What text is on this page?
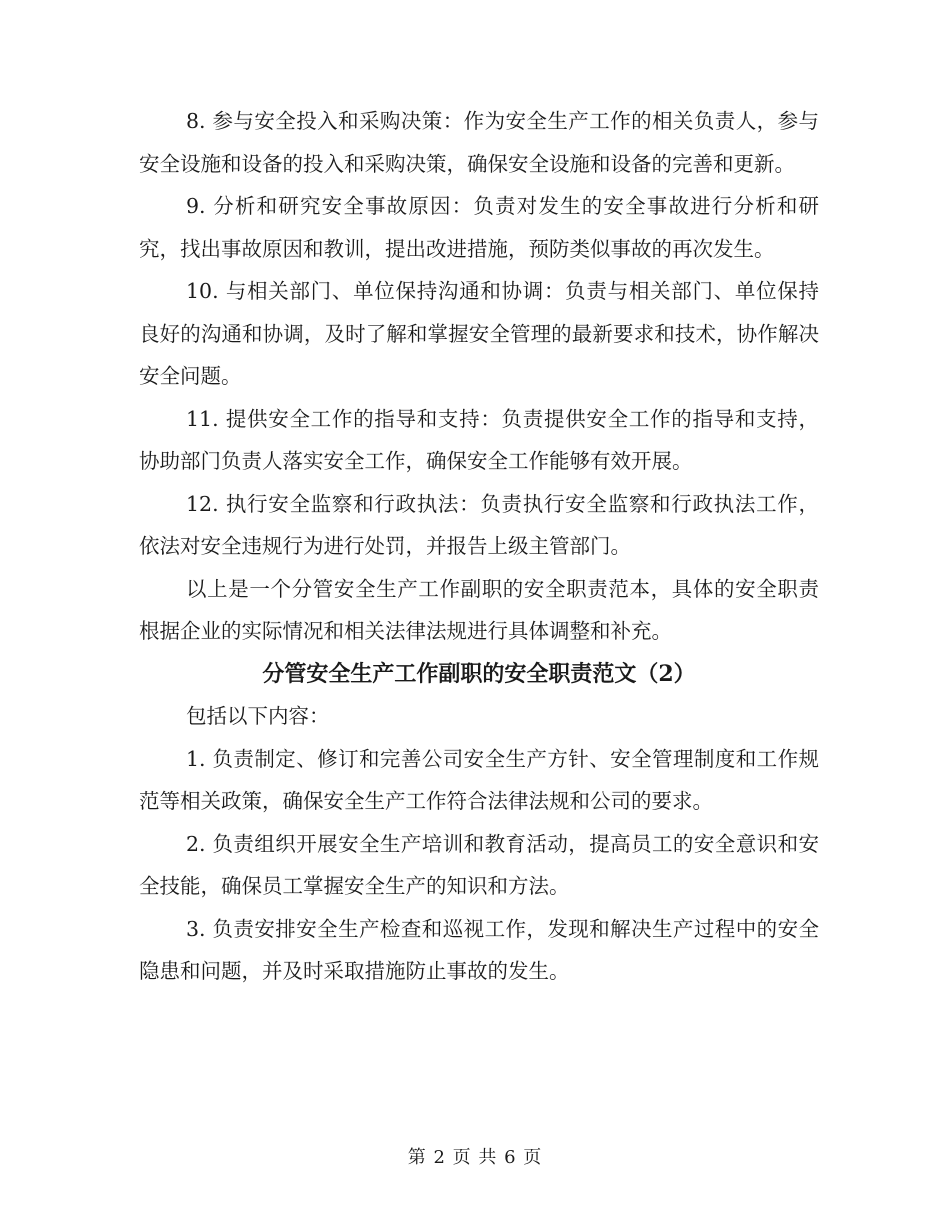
8. 参与安全投入和采购决策：作为安全生产工作的相关负责人，参与安全设施和设备的投入和采购决策，确保安全设施和设备的完善和更新。

9. 分析和研究安全事故原因：负责对发生的安全事故进行分析和研究，找出事故原因和教训，提出改进措施，预防类似事故的再次发生。

10. 与相关部门、单位保持沟通和协调：负责与相关部门、单位保持良好的沟通和协调，及时了解和掌握安全管理的最新要求和技术，协作解决安全问题。

11. 提供安全工作的指导和支持：负责提供安全工作的指导和支持，协助部门负责人落实安全工作，确保安全工作能够有效开展。

12. 执行安全监察和行政执法：负责执行安全监察和行政执法工作，依法对安全违规行为进行处罚，并报告上级主管部门。

以上是一个分管安全生产工作副职的安全职责范本，具体的安全职责根据企业的实际情况和相关法律法规进行具体调整和补充。

分管安全生产工作副职的安全职责范文（2）

包括以下内容：

1. 负责制定、修订和完善公司安全生产方针、安全管理制度和工作规范等相关政策，确保安全生产工作符合法律法规和公司的要求。

2. 负责组织开展安全生产培训和教育活动，提高员工的安全意识和安全技能，确保员工掌握安全生产的知识和方法。

3. 负责安排安全生产检查和巡视工作，发现和解决生产过程中的安全隐患和问题，并及时采取措施防止事故的发生。

第 2 页 共 6 页
